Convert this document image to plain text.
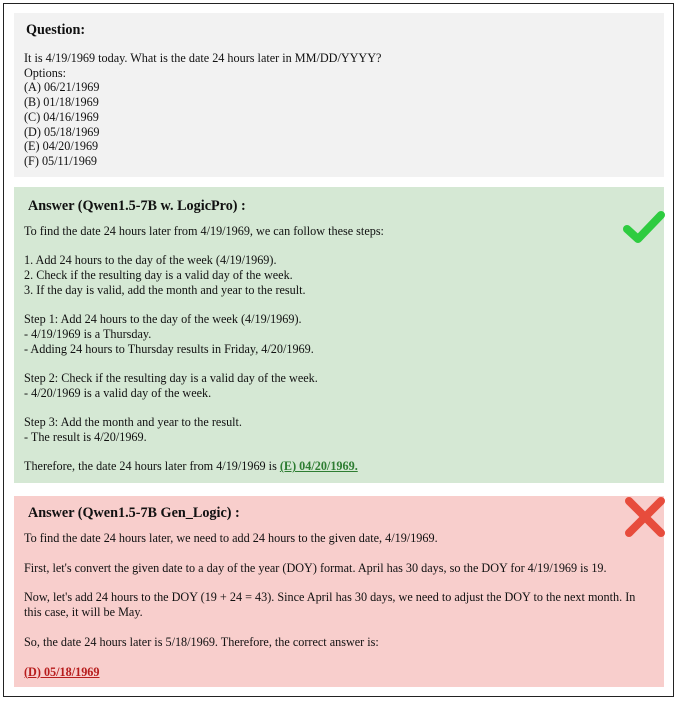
Question:
It is 4/19/1969 today. What is the date 24 hours later in MM/DD/YYYY?
Options:
(A) 06/21/1969
(B) 01/18/1969
(C) 04/16/1969
(D) 05/18/1969
(E) 04/20/1969
(F) 05/11/1969
Answer (Qwen1.5-7B w. LogicPro) :
To find the date 24 hours later from 4/19/1969, we can follow these steps:
1. Add 24 hours to the day of the week (4/19/1969).
2. Check if the resulting day is a valid day of the week.
3. If the day is valid, add the month and year to the result.
Step 1: Add 24 hours to the day of the week (4/19/1969).
- 4/19/1969 is a Thursday.
- Adding 24 hours to Thursday results in Friday, 4/20/1969.
Step 2: Check if the resulting day is a valid day of the week.
- 4/20/1969 is a valid day of the week.
Step 3: Add the month and year to the result.
- The result is 4/20/1969.
Therefore, the date 24 hours later from 4/19/1969 is (E) 04/20/1969.
Answer (Qwen1.5-7B Gen_Logic) :
To find the date 24 hours later, we need to add 24 hours to the given date, 4/19/1969.
First, let's convert the given date to a day of the year (DOY) format. April has 30 days, so the DOY for 4/19/1969 is 19.
Now, let's add 24 hours to the DOY (19 + 24 = 43). Since April has 30 days, we need to adjust the DOY to the next month. In
this case, it will be May.
So, the date 24 hours later is 5/18/1969. Therefore, the correct answer is:
(D) 05/18/1969
